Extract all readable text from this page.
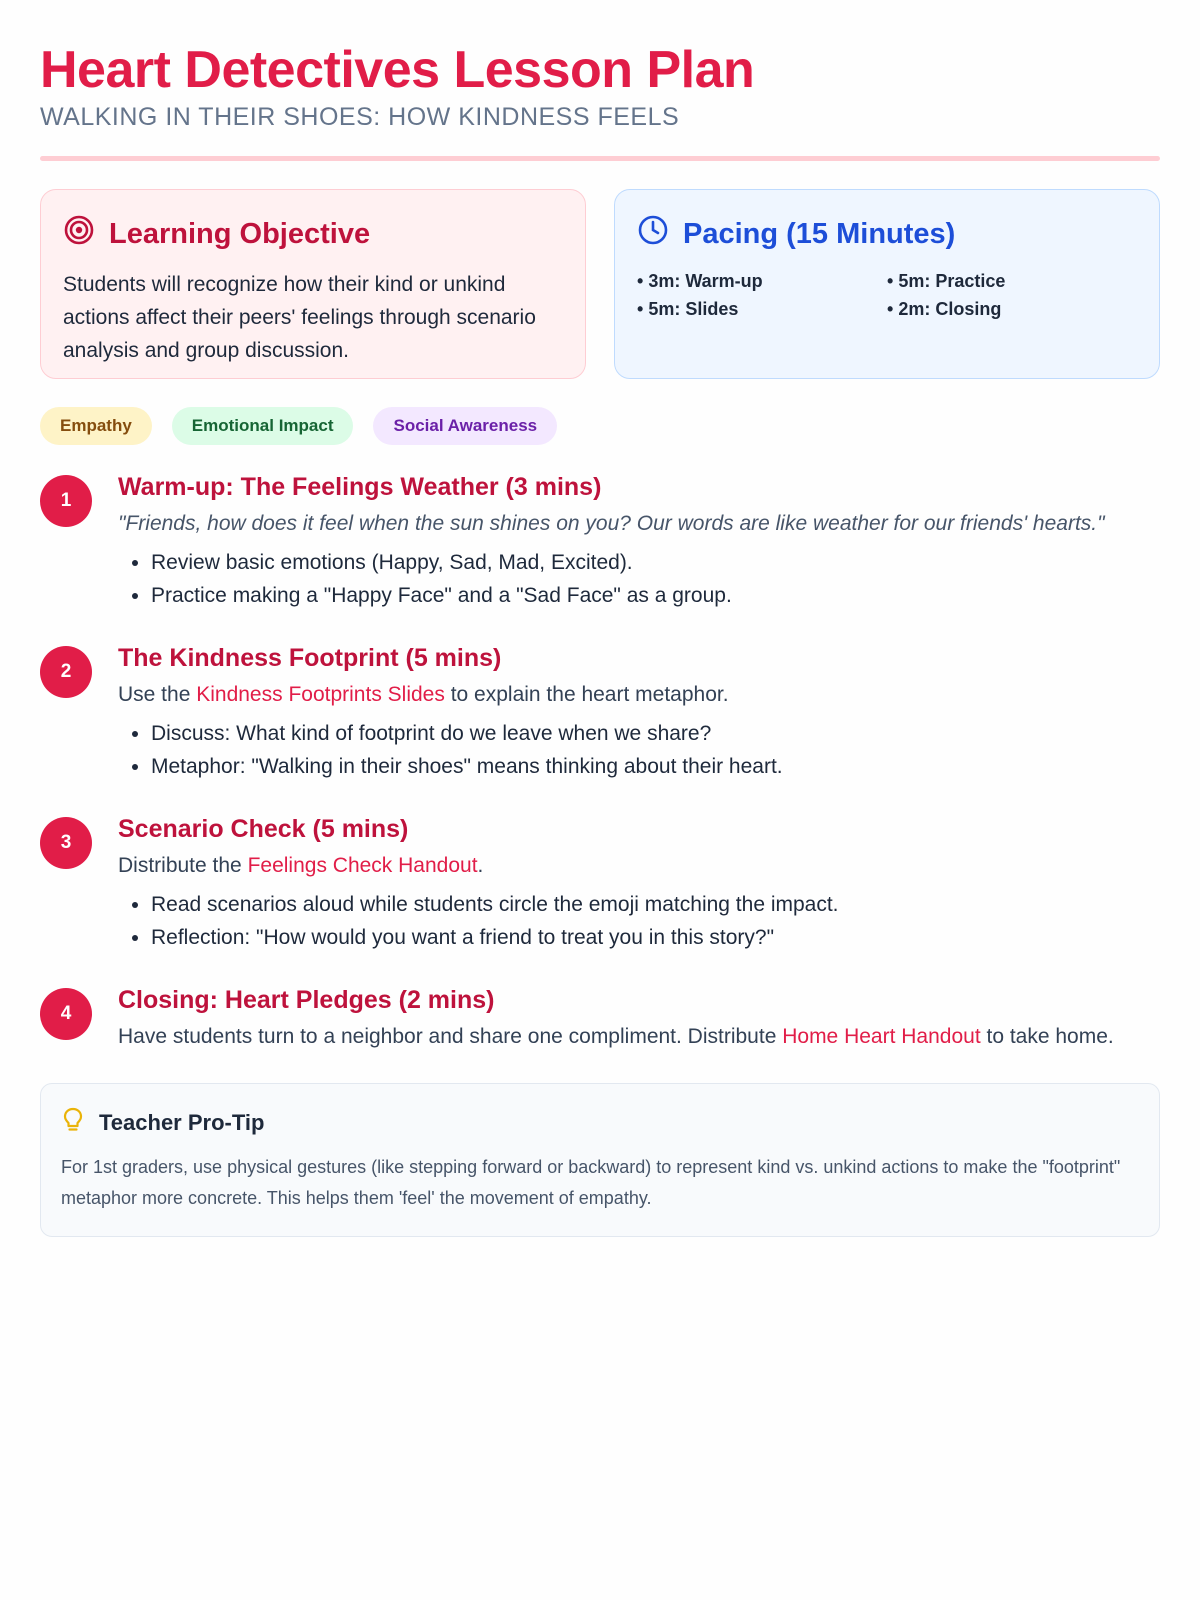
Heart Detectives Lesson Plan
WALKING IN THEIR SHOES: HOW KINDNESS FEELS
Learning Objective
Students will recognize how their kind or unkind actions affect their peers' feelings through scenario analysis and group discussion.
Pacing (15 Minutes)
• 3m: Warm-up	• 5m: Practice
• 5m: Slides	• 2m: Closing
Empathy	Emotional Impact	Social Awareness
1	Warm-up: The Feelings Weather (3 mins)
"Friends, how does it feel when the sun shines on you? Our words are like weather for our friends' hearts."
• Review basic emotions (Happy, Sad, Mad, Excited).
• Practice making a "Happy Face" and a "Sad Face" as a group.
2	The Kindness Footprint (5 mins)
Use the Kindness Footprints Slides to explain the heart metaphor.
• Discuss: What kind of footprint do we leave when we share?
• Metaphor: "Walking in their shoes" means thinking about their heart.
3	Scenario Check (5 mins)
Distribute the Feelings Check Handout.
• Read scenarios aloud while students circle the emoji matching the impact.
• Reflection: "How would you want a friend to treat you in this story?"
4	Closing: Heart Pledges (2 mins)
Have students turn to a neighbor and share one compliment. Distribute Home Heart Handout to take home.
Teacher Pro-Tip
For 1st graders, use physical gestures (like stepping forward or backward) to represent kind vs. unkind actions to make the "footprint" metaphor more concrete. This helps them 'feel' the movement of empathy.
